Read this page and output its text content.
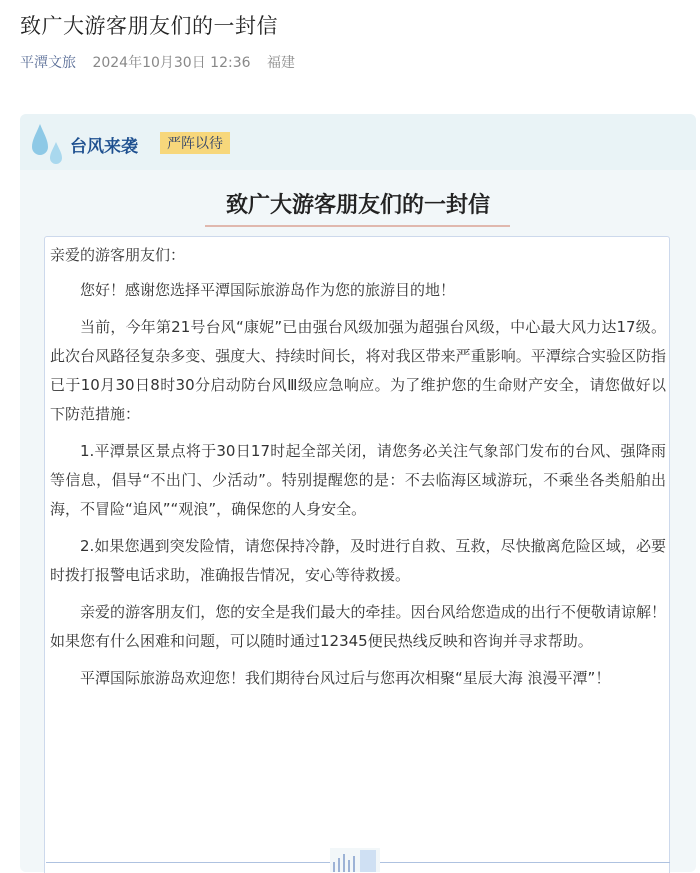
致广大游客朋友们的一封信
平潭文旅 2024年10月30日 12:36 福建
台风来袭	严阵以待
致广大游客朋友们的一封信

亲爱的游客朋友们：

您好！感谢您选择平潭国际旅游岛作为您的旅游目的地！

当前，今年第21号台风“康妮”已由强台风级加强为超强台风级，中心最大风力达17级。此次台风路径复杂多变、强度大、持续时间长，将对我区带来严重影响。平潭综合实验区防指已于10月30日8时30分启动防台风Ⅲ级应急响应。为了维护您的生命财产安全，请您做好以下防范措施：

1.平潭景区景点将于30日17时起全部关闭，请您务必关注气象部门发布的台风、强降雨等信息，倡导“不出门、少活动”。特别提醒您的是：不去临海区域游玩，不乘坐各类船舶出海，不冒险“追风”“观浪”，确保您的人身安全。

2.如果您遇到突发险情，请您保持冷静，及时进行自救、互救，尽快撤离危险区域，必要时拨打报警电话求助，准确报告情况，安心等待救援。

亲爱的游客朋友们，您的安全是我们最大的牵挂。因台风给您造成的出行不便敬请谅解！如果您有什么困难和问题，可以随时通过12345便民热线反映和咨询并寻求帮助。

平潭国际旅游岛欢迎您！我们期待台风过后与您再次相聚“星辰大海 浪漫平潭”！
